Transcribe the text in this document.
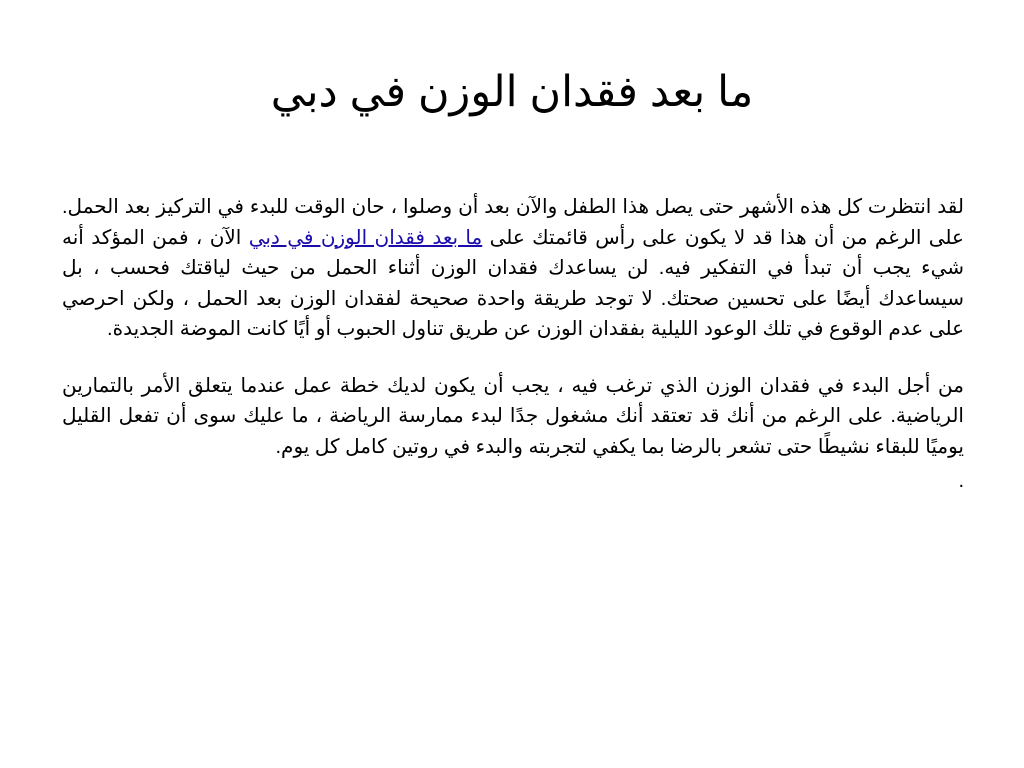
ما بعد فقدان الوزن في دبي

لقد انتظرت كل هذه الأشهر حتى يصل هذا الطفل والآن بعد أن وصلوا ، حان الوقت للبدء في التركيز بعد الحمل. على الرغم من أن هذا قد لا يكون على رأس قائمتك على ما بعد فقدان الوزن في دبي الآن ، فمن المؤكد أنه شيء يجب أن تبدأ في التفكير فيه. لن يساعدك فقدان الوزن أثناء الحمل من حيث لياقتك فحسب ، بل سيساعدك أيضًا على تحسين صحتك. لا توجد طريقة واحدة صحيحة لفقدان الوزن بعد الحمل ، ولكن احرصي على عدم الوقوع في تلك الوعود الليلية بفقدان الوزن عن طريق تناول الحبوب أو أيًا كانت الموضة الجديدة.

من أجل البدء في فقدان الوزن الذي ترغب فيه ، يجب أن يكون لديك خطة عمل عندما يتعلق الأمر بالتمارين الرياضية. على الرغم من أنك قد تعتقد أنك مشغول جدًا لبدء ممارسة الرياضة ، ما عليك سوى أن تفعل القليل يوميًا للبقاء نشيطًا حتى تشعر بالرضا بما يكفي لتجربته والبدء في روتين كامل كل يوم.

.
